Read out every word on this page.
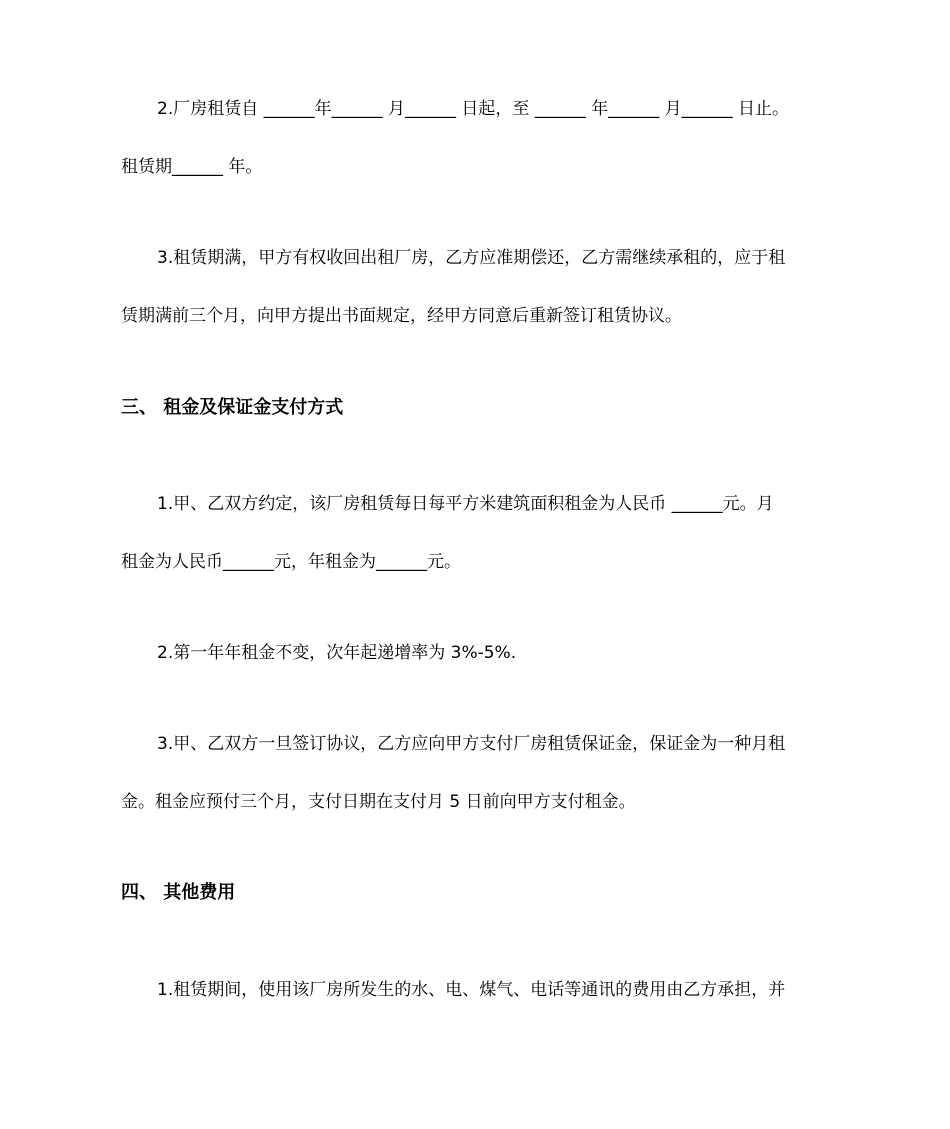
2.厂房租赁自 ______年______ 月______ 日起，至 ______ 年______ 月______ 日止。
租赁期______ 年。
3.租赁期满，甲方有权收回出租厂房，乙方应准期偿还，乙方需继续承租的，应于租
赁期满前三个月，向甲方提出书面规定，经甲方同意后重新签订租赁协议。
三、 租金及保证金支付方式
1.甲、乙双方约定，该厂房租赁每日每平方米建筑面积租金为人民币 ______元。月
租金为人民币______元，年租金为______元。
2.第一年年租金不变，次年起递增率为 3%-5%.
3.甲、乙双方一旦签订协议，乙方应向甲方支付厂房租赁保证金，保证金为一种月租
金。租金应预付三个月，支付日期在支付月 5 日前向甲方支付租金。
四、 其他费用
1.租赁期间，使用该厂房所发生的水、电、煤气、电话等通讯的费用由乙方承担，并
